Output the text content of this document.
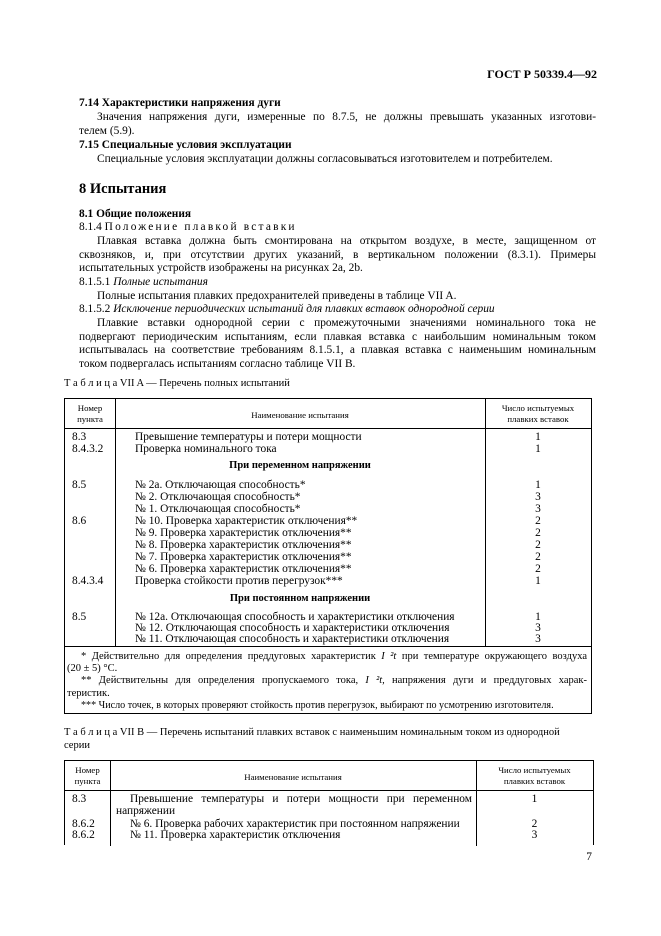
ГОСТ Р 50339.4—92
7.14 Характеристики напряжения дуги
Значения напряжения дуги, измеренные по 8.7.5, не должны превышать указанных изготови-
телем (5.9).
7.15 Специальные условия эксплуатации
Специальные условия эксплуатации должны согласовываться изготовителем и потребителем.
8 Испытания
8.1 Общие положения
8.1.4 Положение плавкой вставки
Плавкая вставка должна быть смонтирована на открытом воздухе, в месте, защищенном от
сквозняков, и, при отсутствии других указаний, в вертикальном положении (8.3.1). Примеры
испытательных устройств изображены на рисунках 2а, 2b.
8.1.5.1 Полные испытания
Полные испытания плавких предохранителей приведены в таблице VII A.
8.1.5.2 Исключение периодических испытаний для плавких вставок однородной серии
Плавкие вставки однородной серии с промежуточными значениями номинального тока не
подвергают периодическим испытаниям, если плавкая вставка с наибольшим номинальным током
испытывалась на соответствие требованиям 8.1.5.1, а плавкая вставка с наименьшим номинальным
током подвергалась испытаниям согласно таблице VII B.
Т а б л и ц а VII A — Перечень полных испытаний
Номер
пункта	Наименование испытания
Число испытуемых
плавких вставок
8.3	Превышение температуры и потери мощности	1
8.4.3.2	Проверка номинального тока	1
При переменном напряжении
8.5	№ 2а. Отключающая способность*	1
№ 2. Отключающая способность*	3
№ 1. Отключающая способность*	3
8.6	№ 10. Проверка характеристик отключения**	2
№ 9. Проверка характеристик отключения**	2
№ 8. Проверка характеристик отключения**	2
№ 7. Проверка характеристик отключения**	2
№ 6. Проверка характеристик отключения**	2
8.4.3.4	Проверка стойкости против перегрузок***	1
При постоянном напряжении
8.5	№ 12а. Отключающая способность и характеристики отключения	1
№ 12. Отключающая способность и характеристики отключения	3
№ 11. Отключающая способность и характеристики отключения	3
* Действительно для определения преддуговых характеристик I ²t при температуре окружающего воздуха
(20 ± 5) °C.
** Действительны для определения пропускаемого тока, I ²t, напряжения дуги и преддуговых харак-
теристик.
*** Число точек, в которых проверяют стойкость против перегрузок, выбирают по усмотрению изготовителя.
Т а б л и ц а VII B — Перечень испытаний плавких вставок с наименьшим номинальным током из однородной
серии
Номер
пункта	Наименование испытания
Число испытуемых
плавких вставок
8.3	Превышение температуры и потери мощности при переменном
напряжении
1
8.6.2	№ 6. Проверка рабочих характеристик при постоянном напряжении	2
8.6.2	№ 11. Проверка характеристик отключения	3
7
